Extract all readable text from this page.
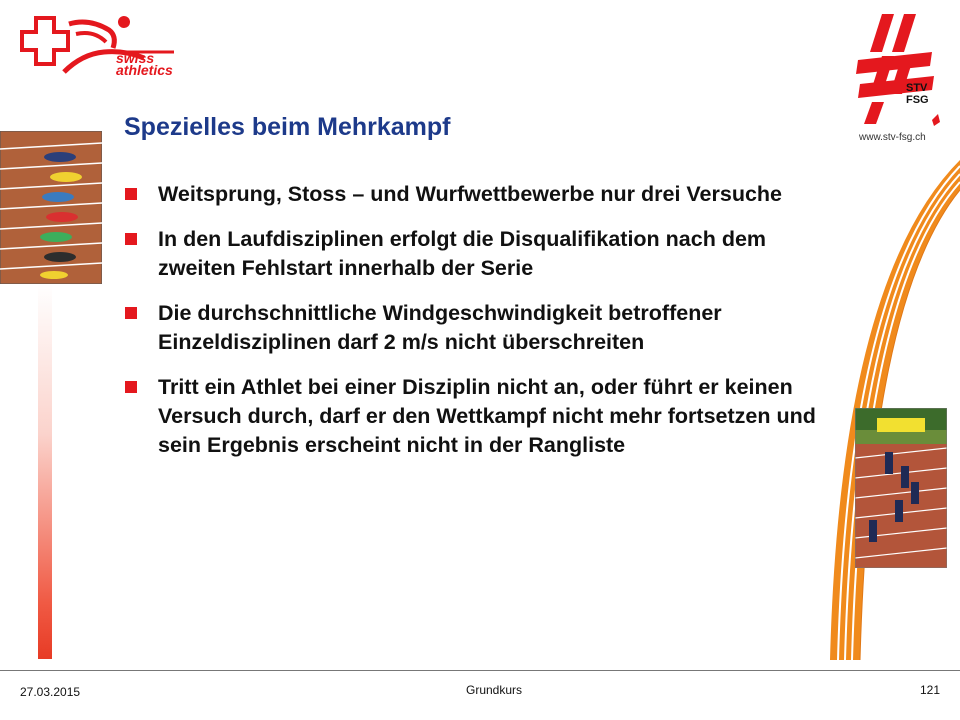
swiss
athletics
STV
FSG
www.stv-fsg.ch
Spezielles beim Mehrkampf
Weitsprung, Stoss – und Wurfwettbewerbe nur drei Versuche
In den Laufdisziplinen erfolgt die Disqualifikation nach dem zweiten Fehlstart innerhalb der Serie
Die durchschnittliche Windgeschwindigkeit betroffener Einzeldisziplinen darf 2 m/s nicht überschreiten
Tritt ein Athlet bei einer Disziplin nicht an, oder führt er keinen Versuch durch, darf er den Wettkampf nicht mehr fortsetzen und sein Ergebnis erscheint nicht in der Rangliste
27.03.2015	Grundkurs	121
